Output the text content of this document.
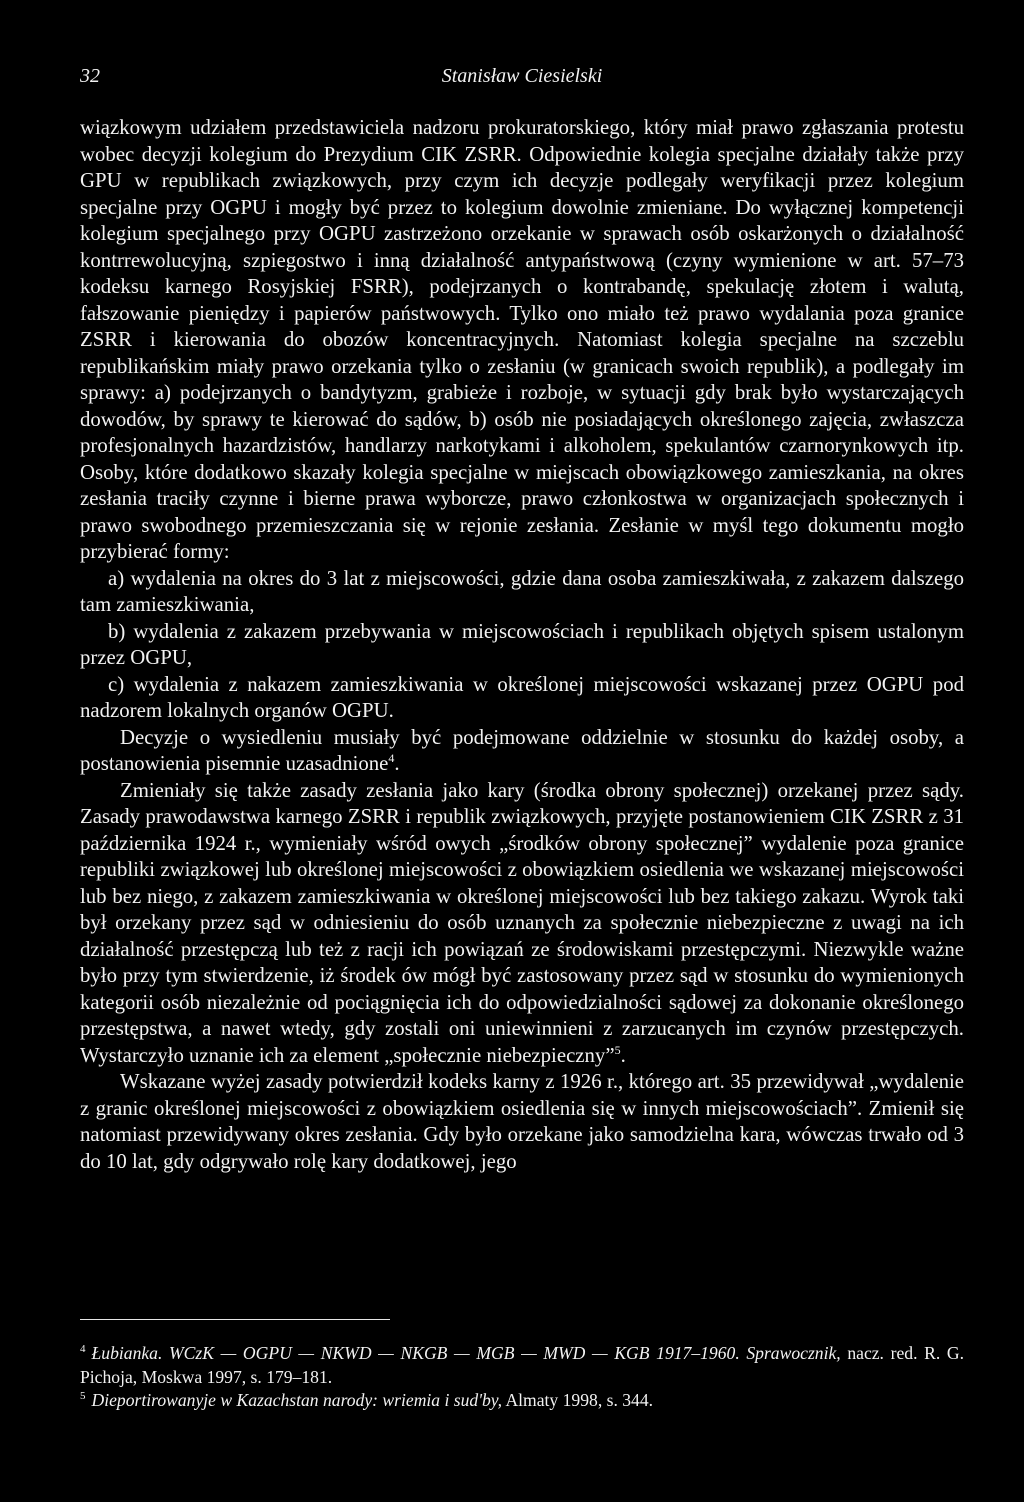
32	Stanisław Ciesielski

wiązkowym udziałem przedstawiciela nadzoru prokuratorskiego, który miał prawo zgłaszania protestu wobec decyzji kolegium do Prezydium CIK ZSRR. Odpowiednie kolegia specjalne działały także przy GPU w republikach związkowych, przy czym ich decyzje podlegały weryfikacji przez kolegium specjalne przy OGPU i mogły być przez to kolegium dowolnie zmieniane. Do wyłącznej kompetencji kolegium specjalnego przy OGPU zastrzeżono orzekanie w sprawach osób oskarżonych o działalność kontrrewolucyjną, szpiegostwo i inną działalność antypaństwową (czyny wymienione w art. 57–73 kodeksu karnego Rosyjskiej FSRR), podejrzanych o kontrabandę, spekulację złotem i walutą, fałszowanie pieniędzy i papierów państwowych. Tylko ono miało też prawo wydalania poza granice ZSRR i kierowania do obozów koncentracyjnych. Natomiast kolegia specjalne na szczeblu republikańskim miały prawo orzekania tylko o zesłaniu (w granicach swoich republik), a podlegały im sprawy: a) podejrzanych o bandytyzm, grabieże i rozboje, w sytuacji gdy brak było wystarczających dowodów, by sprawy te kierować do sądów, b) osób nie posiadających określonego zajęcia, zwłaszcza profesjonalnych hazardzistów, handlarzy narkotykami i alkoholem, spekulantów czarnorynkowych itp. Osoby, które dodatkowo skazały kolegia specjalne w miejscach obowiązkowego zamieszkania, na okres zesłania traciły czynne i bierne prawa wyborcze, prawo członkostwa w organizacjach społecznych i prawo swobodnego przemieszczania się w rejonie zesłania. Zesłanie w myśl tego dokumentu mogło przybierać formy:

a) wydalenia na okres do 3 lat z miejscowości, gdzie dana osoba zamieszkiwała, z zakazem dalszego tam zamieszkiwania,

b) wydalenia z zakazem przebywania w miejscowościach i republikach objętych spisem ustalonym przez OGPU,

c) wydalenia z nakazem zamieszkiwania w określonej miejscowości wskazanej przez OGPU pod nadzorem lokalnych organów OGPU.

Decyzje o wysiedleniu musiały być podejmowane oddzielnie w stosunku do każdej osoby, a postanowienia pisemnie uzasadnione$^4$.

Zmieniały się także zasady zesłania jako kary (środka obrony społecznej) orzekanej przez sądy. Zasady prawodawstwa karnego ZSRR i republik związkowych, przyjęte postanowieniem CIK ZSRR z 31 października 1924 r., wymieniały wśród owych „środków obrony społecznej” wydalenie poza granice republiki związkowej lub określonej miejscowości z obowiązkiem osiedlenia we wskazanej miejscowości lub bez niego, z zakazem zamieszkiwania w określonej miejscowości lub bez takiego zakazu. Wyrok taki był orzekany przez sąd w odniesieniu do osób uznanych za społecznie niebezpieczne z uwagi na ich działalność przestępczą lub też z racji ich powiązań ze środowiskami przestępczymi. Niezwykle ważne było przy tym stwierdzenie, iż środek ów mógł być zastosowany przez sąd w stosunku do wymienionych kategorii osób niezależnie od pociągnięcia ich do odpowiedzialności sądowej za dokonanie określonego przestępstwa, a nawet wtedy, gdy zostali oni uniewinnieni z zarzucanych im czynów przestępczych. Wystarczyło uznanie ich za element „społecznie niebezpieczny”$^5$.

Wskazane wyżej zasady potwierdził kodeks karny z 1926 r., którego art. 35 przewidywał „wydalenie z granic określonej miejscowości z obowiązkiem osiedlenia się w innych miejscowościach”. Zmienił się natomiast przewidywany okres zesłania. Gdy było orzekane jako samodzielna kara, wówczas trwało od 3 do 10 lat, gdy odgrywało rolę kary dodatkowej, jego

$^4$ Łubianka. WCzK — OGPU — NKWD — NKGB — MGB — MWD — KGB 1917–1960. Sprawocznik, nacz. red. R. G. Pichoja, Moskwa 1997, s. 179–181.

$^5$ Dieportirowanyje w Kazachstan narody: wriemia i sud'by, Almaty 1998, s. 344.
